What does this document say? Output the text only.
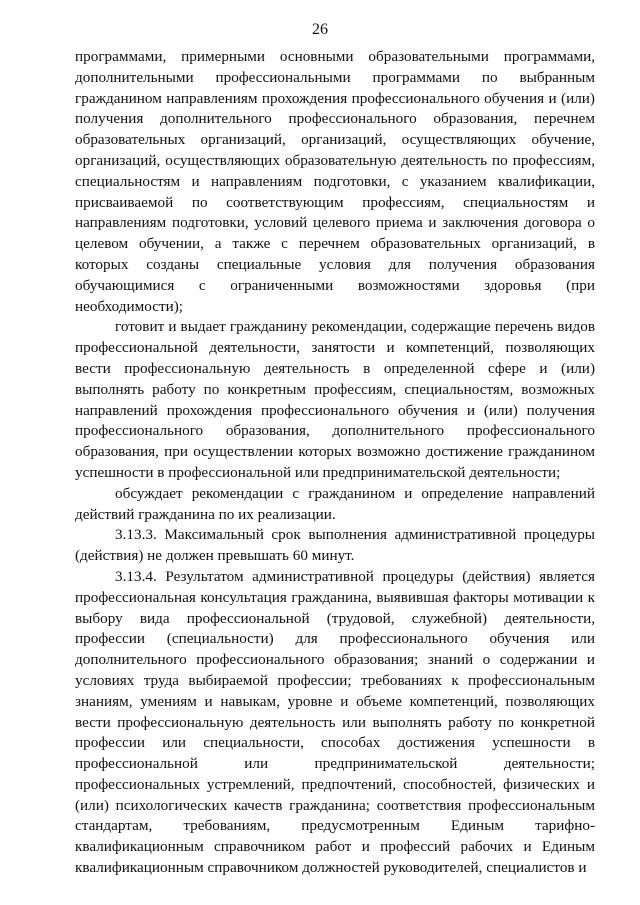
26

программами, примерными основными образовательными программами, дополнительными профессиональными программами по выбранным гражданином направлениям прохождения профессионального обучения и (или) получения дополнительного профессионального образования, перечнем образовательных организаций, организаций, осуществляющих обучение, организаций, осуществляющих образовательную деятельность по профессиям, специальностям и направлениям подготовки, с указанием квалификации, присваиваемой по соответствующим профессиям, специальностям и направлениям подготовки, условий целевого приема и заключения договора о целевом обучении, а также с перечнем образовательных организаций, в которых созданы специальные условия для получения образования обучающимися с ограниченными возможностями здоровья (при необходимости);

готовит и выдает гражданину рекомендации, содержащие перечень видов профессиональной деятельности, занятости и компетенций, позволяющих вести профессиональную деятельность в определенной сфере и (или) выполнять работу по конкретным профессиям, специальностям, возможных направлений прохождения профессионального обучения и (или) получения профессионального образования, дополнительного профессионального образования, при осуществлении которых возможно достижение гражданином успешности в профессиональной или предпринимательской деятельности;

обсуждает рекомендации с гражданином и определение направлений действий гражданина по их реализации.

3.13.3. Максимальный срок выполнения административной процедуры (действия) не должен превышать 60 минут.

3.13.4. Результатом административной процедуры (действия) является профессиональная консультация гражданина, выявившая факторы мотивации к выбору вида профессиональной (трудовой, служебной) деятельности, профессии (специальности) для профессионального обучения или дополнительного профессионального образования; знаний о содержании и условиях труда выбираемой профессии; требованиях к профессиональным знаниям, умениям и навыкам, уровне и объеме компетенций, позволяющих вести профессиональную деятельность или выполнять работу по конкретной профессии или специальности, способах достижения успешности в профессиональной или предпринимательской деятельности; профессиональных устремлений, предпочтений, способностей, физических и (или) психологических качеств гражданина; соответствия профессиональным стандартам, требованиям, предусмотренным Единым тарифно-квалификационным справочником работ и профессий рабочих и Единым квалификационным справочником должностей руководителей, специалистов и
